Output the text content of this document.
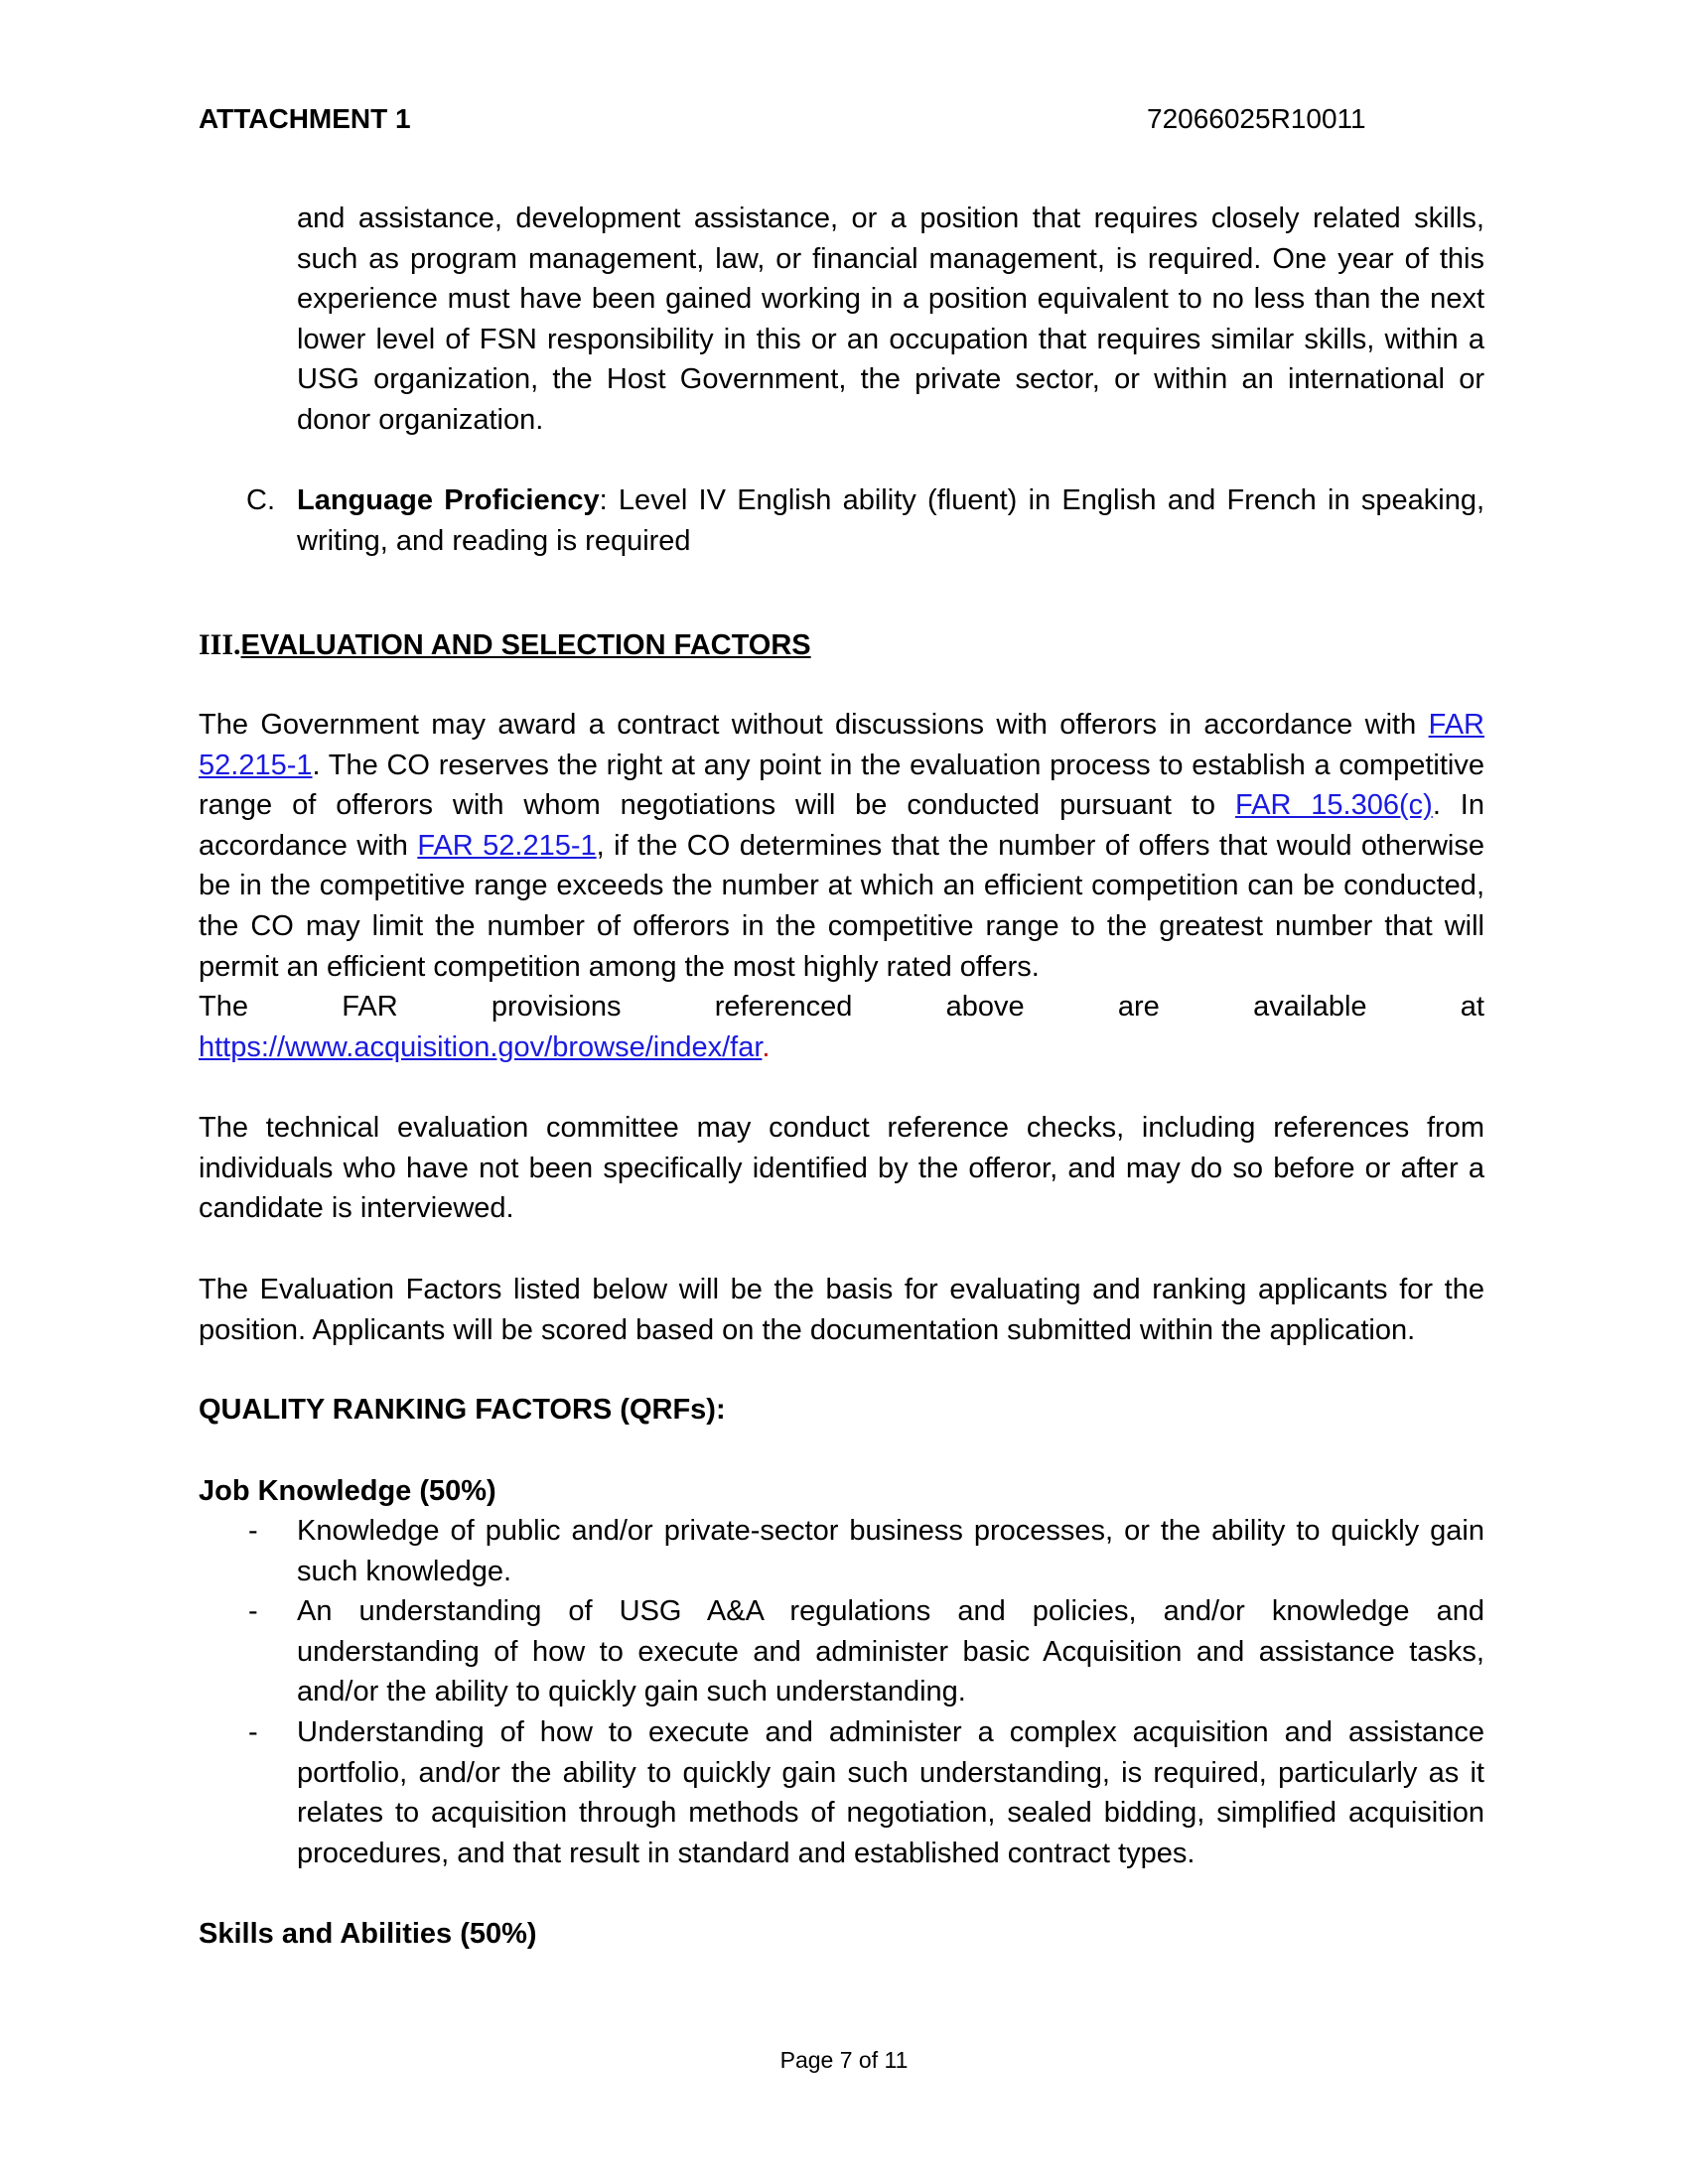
ATTACHMENT 1	72066025R10011
and assistance, development assistance, or a position that requires closely related skills, such as program management, law, or financial management, is required. One year of this experience must have been gained working in a position equivalent to no less than the next lower level of FSN responsibility in this or an occupation that requires similar skills, within a USG organization, the Host Government, the private sector, or within an international or donor organization.
C. Language Proficiency: Level IV English ability (fluent) in English and French in speaking, writing, and reading is required
III.EVALUATION AND SELECTION FACTORS
The Government may award a contract without discussions with offerors in accordance with FAR 52.215-1. The CO reserves the right at any point in the evaluation process to establish a competitive range of offerors with whom negotiations will be conducted pursuant to FAR 15.306(c). In accordance with FAR 52.215-1, if the CO determines that the number of offers that would otherwise be in the competitive range exceeds the number at which an efficient competition can be conducted, the CO may limit the number of offerors in the competitive range to the greatest number that will permit an efficient competition among the most highly rated offers.
The FAR provisions referenced above are available at
https://www.acquisition.gov/browse/index/far.
The technical evaluation committee may conduct reference checks, including references from individuals who have not been specifically identified by the offeror, and may do so before or after a candidate is interviewed.
The Evaluation Factors listed below will be the basis for evaluating and ranking applicants for the position. Applicants will be scored based on the documentation submitted within the application.
QUALITY RANKING FACTORS (QRFs):
Job Knowledge (50%)
- Knowledge of public and/or private-sector business processes, or the ability to quickly gain such knowledge.
- An understanding of USG A&A regulations and policies, and/or knowledge and understanding of how to execute and administer basic Acquisition and assistance tasks, and/or the ability to quickly gain such understanding.
- Understanding of how to execute and administer a complex acquisition and assistance portfolio, and/or the ability to quickly gain such understanding, is required, particularly as it relates to acquisition through methods of negotiation, sealed bidding, simplified acquisition procedures, and that result in standard and established contract types.
Skills and Abilities (50%)
Page 7 of 11
